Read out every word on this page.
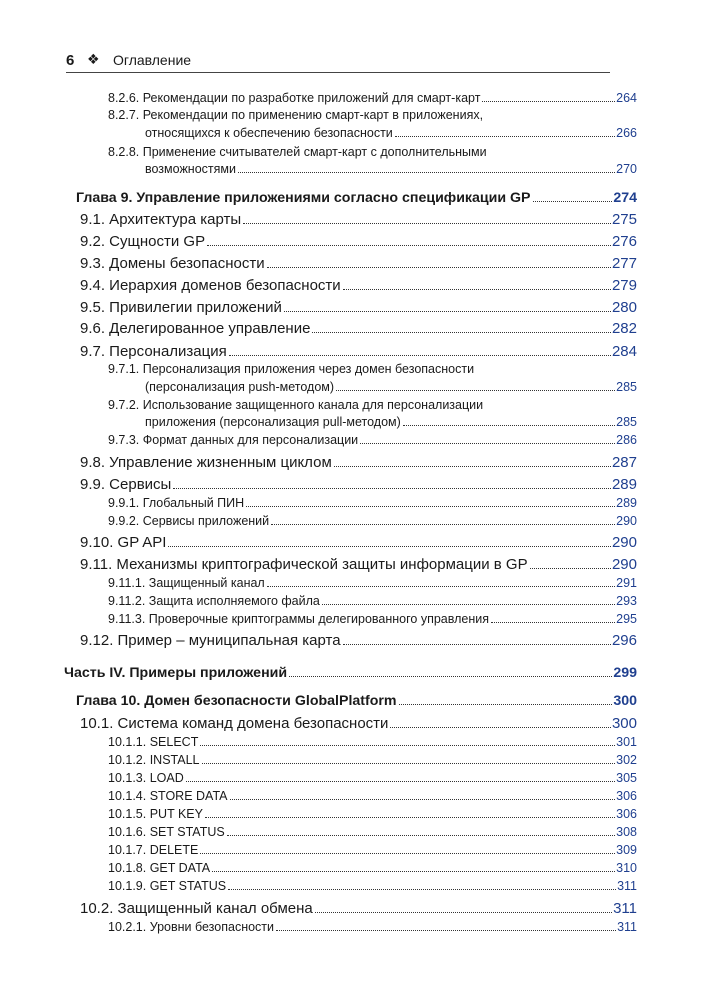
6 ❖ Оглавление
8.2.6. Рекомендации по разработке приложений для смарт-карт	264
8.2.7. Рекомендации по применению смарт-карт в приложениях,
относящихся к обеспечению безопасности	266
8.2.8. Применение считывателей смарт-карт с дополнительными
возможностями	270
Глава 9. Управление приложениями согласно спецификации GP	274
9.1. Архитектура карты	275
9.2. Сущности GP	276
9.3. Домены безопасности	277
9.4. Иерархия доменов безопасности	279
9.5. Привилегии приложений	280
9.6. Делегированное управление	282
9.7. Персонализация	284
9.7.1. Персонализация приложения через домен безопасности
(персонализация push-методом)	285
9.7.2. Использование защищенного канала для персонализации
приложения (персонализация pull-методом)	285
9.7.3. Формат данных для персонализации	286
9.8. Управление жизненным циклом	287
9.9. Сервисы	289
9.9.1. Глобальный ПИН	289
9.9.2. Сервисы приложений	290
9.10. GP API	290
9.11. Механизмы криптографической защиты информации в GP	290
9.11.1. Защищенный канал	291
9.11.2. Защита исполняемого файла	293
9.11.3. Проверочные криптограммы делегированного управления	295
9.12. Пример – муниципальная карта	296
Часть IV. Примеры приложений	299
Глава 10. Домен безопасности GlobalPlatform	300
10.1. Система команд домена безопасности	300
10.1.1. SELECT	301
10.1.2. INSTALL	302
10.1.3. LOAD	305
10.1.4. STORE DATA	306
10.1.5. PUT KEY	306
10.1.6. SET STATUS	308
10.1.7. DELETE	309
10.1.8. GET DATA	310
10.1.9. GET STATUS	311
10.2. Защищенный канал обмена	311
10.2.1. Уровни безопасности	311
